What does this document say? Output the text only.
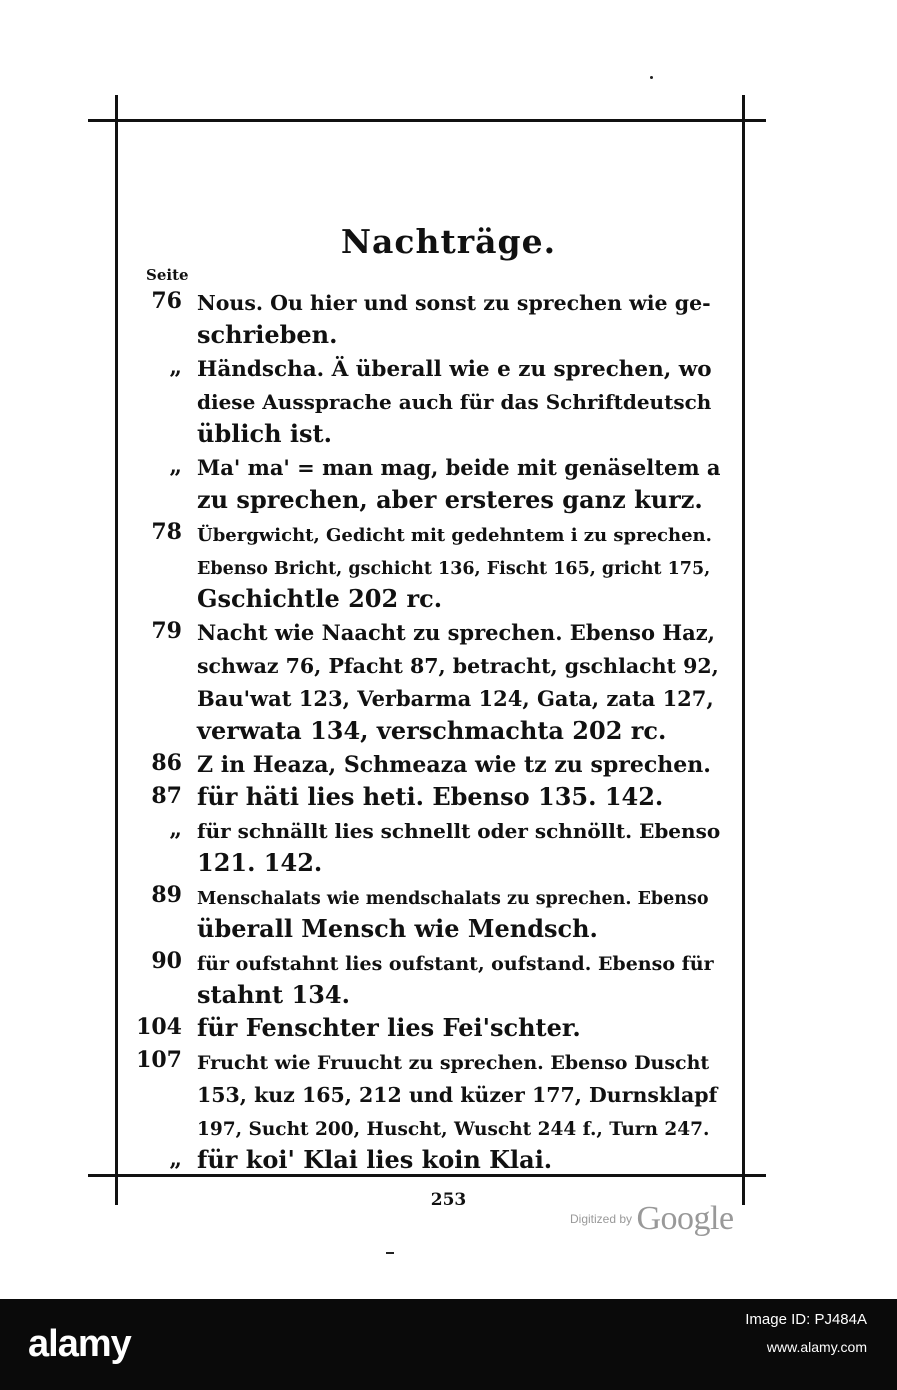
Nachträge.
Seite
76 Nous. Ou hier und sonst zu sprechen wie ge-
schrieben.
„ Händscha. Ä überall wie e zu sprechen, wo
diese Aussprache auch für das Schriftdeutsch
üblich ist.
„ Ma' ma' = man mag, beide mit genäseltem a
zu sprechen, aber ersteres ganz kurz.
78 Übergwicht, Gedicht mit gedehntem i zu sprechen.
Ebenso Bricht, gschicht 136, Fischt 165, gricht 175,
Gschichtle 202 rc.
79 Nacht wie Naacht zu sprechen. Ebenso Haz,
schwaz 76, Pfacht 87, betracht, gschlacht 92,
Bau'wat 123, Verbarma 124, Gata, zata 127,
verwata 134, verschmachta 202 rc.
86 Z in Heaza, Schmeaza wie tz zu sprechen.
87 für häti lies heti. Ebenso 135. 142.
„ für schnällt lies schnellt oder schnöllt. Ebenso
121. 142.
89 Menschalats wie mendschalats zu sprechen. Ebenso
überall Mensch wie Mendsch.
90 für oufstahnt lies oufstant, oufstand. Ebenso für
stahnt 134.
104 für Fenschter lies Fei'schter.
107 Frucht wie Fruucht zu sprechen. Ebenso Duscht
153, kuz 165, 212 und küzer 177, Durnsklapf
197, Sucht 200, Huscht, Wuscht 244 f., Turn 247.
„ für koi' Klai lies koin Klai.
253
Digitized by Google
alamy
Image ID: PJ484A
www.alamy.com
